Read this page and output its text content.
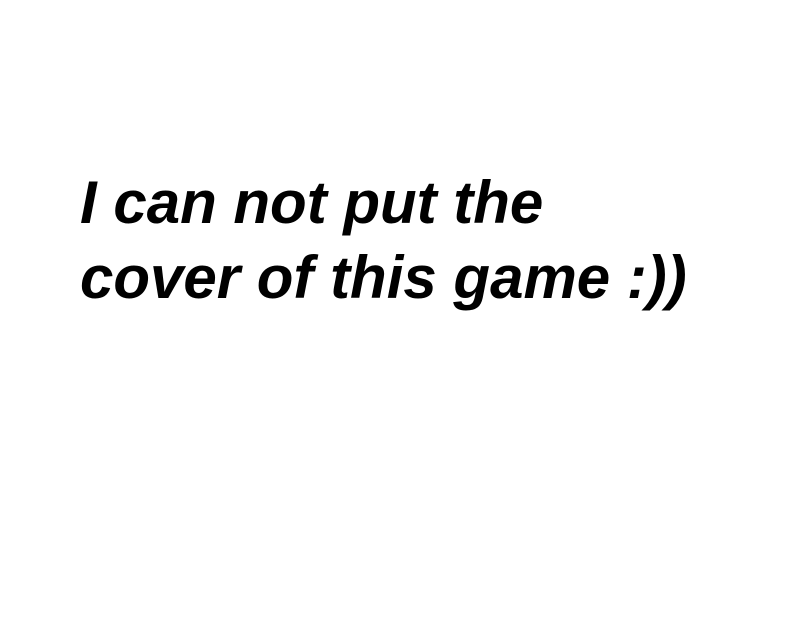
I can not put the
cover of this game :))
